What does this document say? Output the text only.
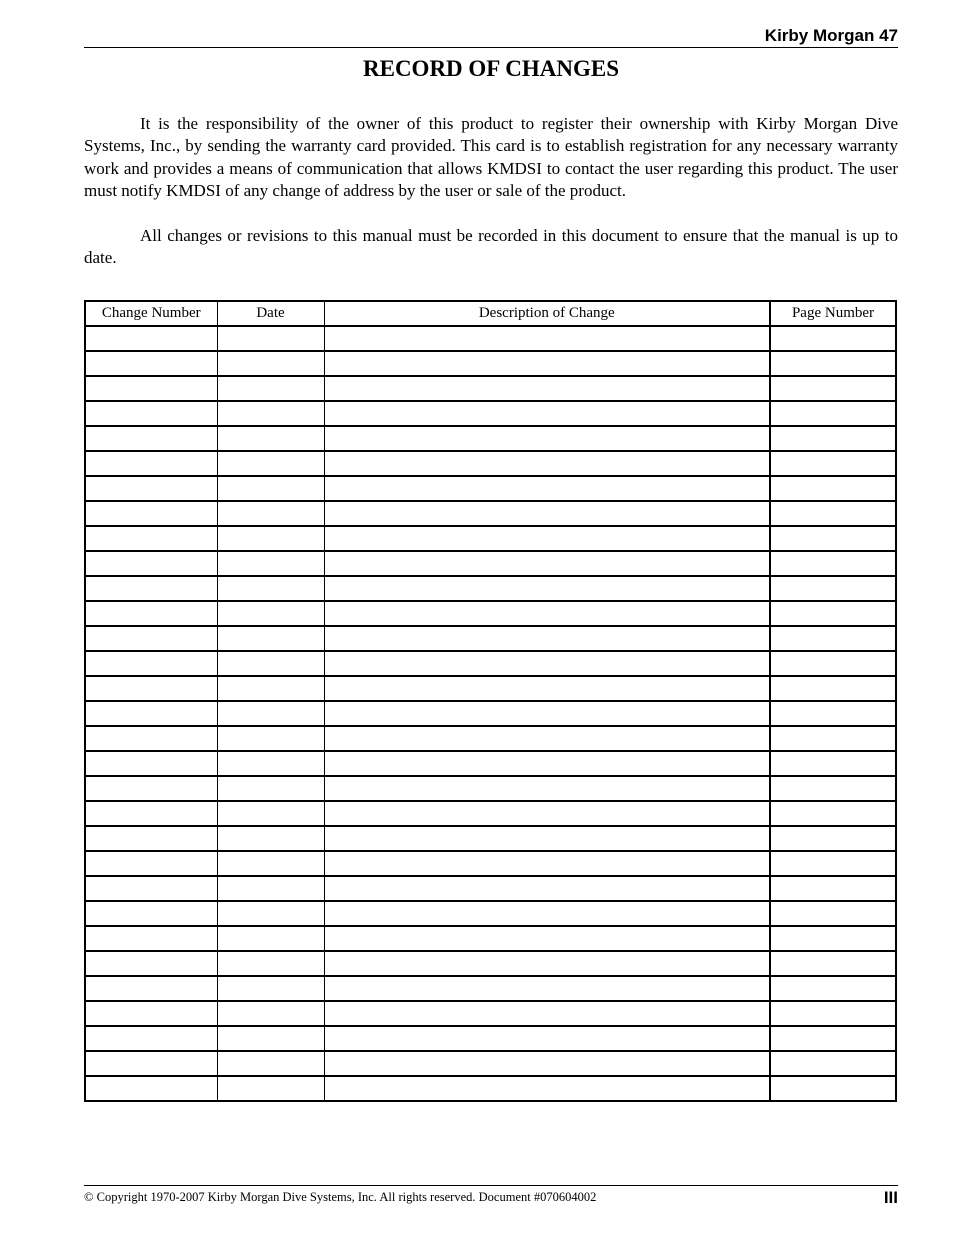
Kirby Morgan 47
RECORD OF CHANGES

It is the responsibility of the owner of this product to register their ownership with Kirby Morgan Dive Systems, Inc., by sending the warranty card provided. This card is to establish registration for any necessary warranty work and provides a means of communication that allows KMDSI to contact the user regarding this product. The user must notify KMDSI of any change of address by the user or sale of the product.

All changes or revisions to this manual must be recorded in this document to ensure that the manual is up to date.

Change Number	Date	Description of Change	Page Number

© Copyright 1970-2007 Kirby Morgan Dive Systems, Inc. All rights reserved. Document #070604002	III
